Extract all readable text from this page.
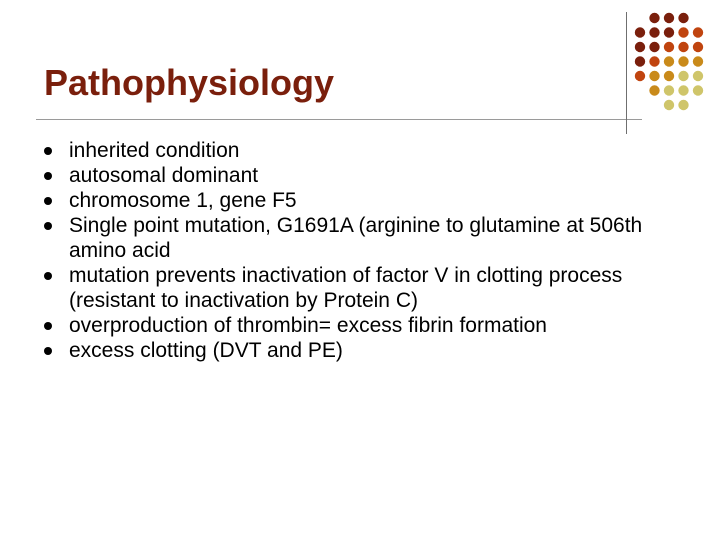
Pathophysiology
inherited condition
autosomal dominant
chromosome 1, gene F5
Single point mutation, G1691A (arginine to glutamine at 506th amino acid
mutation prevents inactivation of factor V in clotting process (resistant to inactivation by Protein C)
overproduction of thrombin= excess fibrin formation
excess clotting (DVT and PE)
